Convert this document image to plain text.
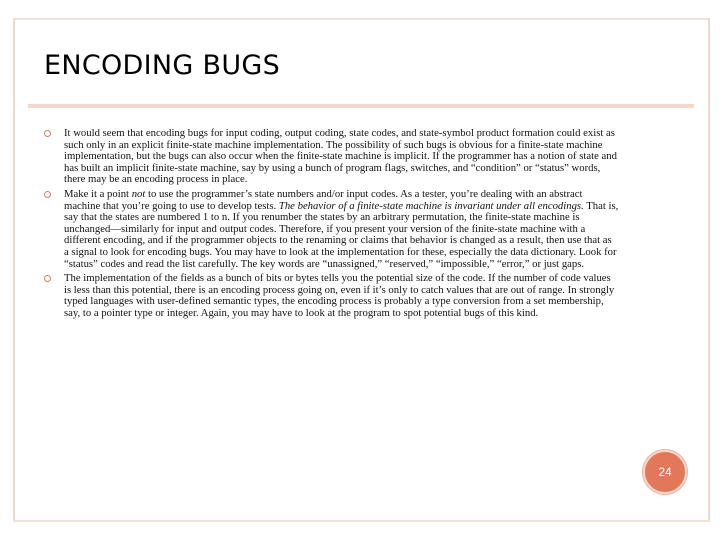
ENCODING BUGS
It would seem that encoding bugs for input coding, output coding, state codes, and state-symbol product formation could exist as such only in an explicit finite-state machine implementation. The possibility of such bugs is obvious for a finite-state machine implementation, but the bugs can also occur when the finite-state machine is implicit. If the programmer has a notion of state and has built an implicit finite-state machine, say by using a bunch of program flags, switches, and “condition” or “status” words, there may be an encoding process in place.
Make it a point not to use the programmer’s state numbers and/or input codes. As a tester, you’re dealing with an abstract machine that you’re going to use to develop tests. The behavior of a finite-state machine is invariant under all encodings. That is, say that the states are numbered 1 to n. If you renumber the states by an arbitrary permutation, the finite-state machine is unchanged—similarly for input and output codes. Therefore, if you present your version of the finite-state machine with a different encoding, and if the programmer objects to the renaming or claims that behavior is changed as a result, then use that as a signal to look for encoding bugs. You may have to look at the implementation for these, especially the data dictionary. Look for “status” codes and read the list carefully. The key words are “unassigned,” “reserved,” “impossible,” “error,” or just gaps.
The implementation of the fields as a bunch of bits or bytes tells you the potential size of the code. If the number of code values is less than this potential, there is an encoding process going on, even if it’s only to catch values that are out of range. In strongly typed languages with user-defined semantic types, the encoding process is probably a type conversion from a set membership, say, to a pointer type or integer. Again, you may have to look at the program to spot potential bugs of this kind.
24
